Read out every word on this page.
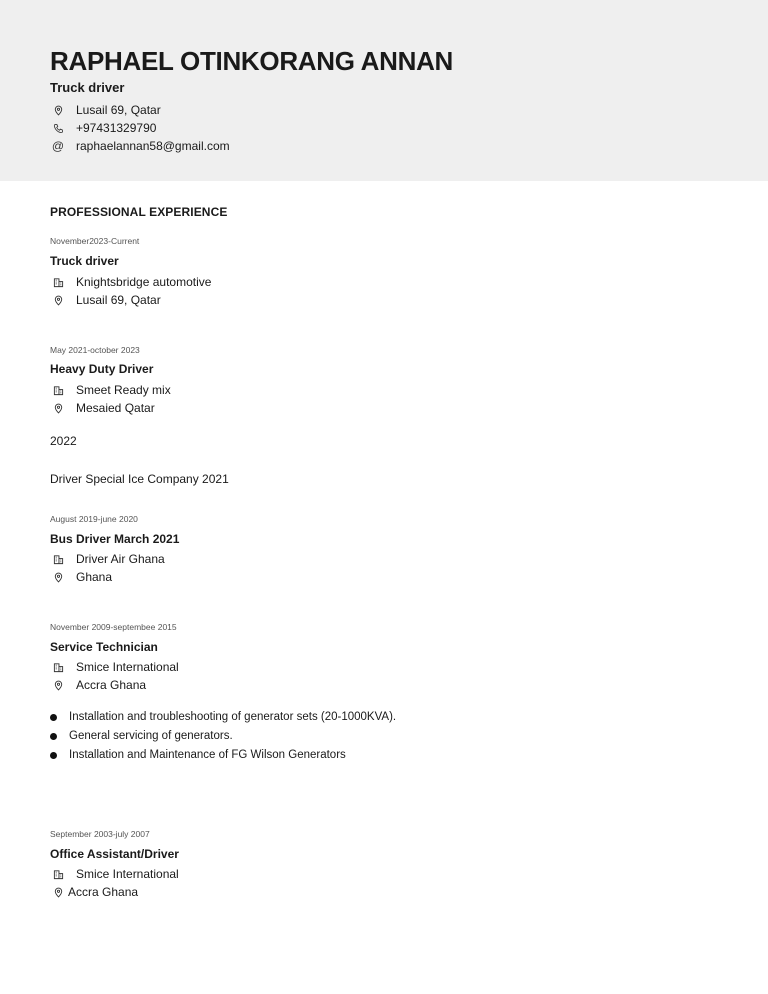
RAPHAEL OTINKORANG ANNAN
Truck driver
Lusail 69, Qatar
+97431329790
@ raphaelannan58@gmail.com
PROFESSIONAL EXPERIENCE
November2023-Current
Truck driver
Knightsbridge automotive
Lusail 69, Qatar
May 2021-october 2023
Heavy Duty Driver
Smeet Ready mix
Mesaied Qatar
2022
Driver Special Ice Company 2021
August 2019-june 2020
Bus Driver March 2021
Driver Air Ghana
Ghana
November 2009-septembee 2015
Service Technician
Smice International
Accra Ghana
Installation and troubleshooting of generator sets (20-1000KVA).
General servicing of generators.
Installation and Maintenance of FG Wilson Generators
September 2003-july 2007
Office Assistant/Driver
Smice International
Accra Ghana
